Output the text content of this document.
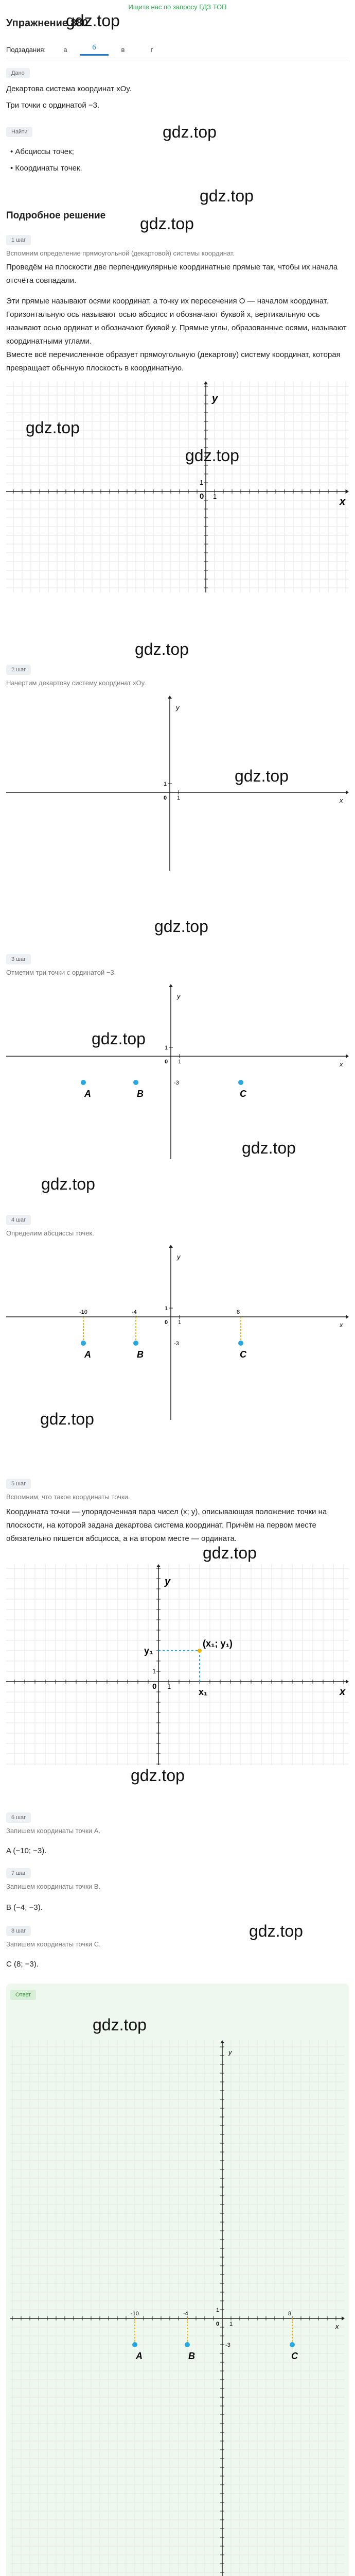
Ищите нас по запросу ГДЗ ТОП
Упражнение 880
gdz.top
Подзадания:	а	б	в	г
Дано
Декартова система координат xOy.
Три точки с ординатой −3.
gdz.top
Найти
• Абсциссы точек;
• Координаты точек.
gdz.top
Подробное решение gdz.top
1 шаг
Вспомним определение прямоугольной (декартовой) системы координат.
Проведём на плоскости две перпендикулярные координатные прямые так, чтобы их начала отсчёта совпадали.
Эти прямые называют осями координат, а точку их пересечения O — началом координат. Горизонтальную ось называют осью абсцисс и обозначают буквой x, вертикальную ось называют осью ординат и обозначают буквой y. Прямые углы, образованные осями, называют координатными углами.
Вместе всё перечисленное образует прямоугольную (декартову) систему координат, которая превращает обычную плоскость в координатную.
x
y
0 1
1
gdz.top
gdz.top
gdz.top
2 шаг
Начертим декартову систему координат xOy.
x
y
0 1
1	gdz.top
gdz.top
3 шаг
Отметим три точки с ординатой −3.
x
y
0 1
1
-3
A	B	C
gdz.top
gdz.top
gdz.top
4 шаг
Определим абсциссы точек.
x
y
0 1
1
-3
-10
A
-4
B
8
C
gdz.top
5 шаг
Вспомним, что такое координаты точки.
Координата точки — упорядоченная пара чисел (x; y), описывающая положение точки на плоскости, на которой задана декартова система координат. Причём на первом месте обязательно пишется абсцисса, а на втором месте — ордината.
gdz.top
x
y
0 1
1
(x₁; y₁)
x₁
y₁
gdz.top
6 шаг
Запишем координаты точки A.
A (−10; −3).
7 шаг
Запишем координаты точки B.
B (−4; −3).
8 шаг
Запишем координаты точки C.
C (8; −3).
gdz.top
Ответ
gdz.top
x
y
0 1
1
-3
-10
A
-4
B
8
C
